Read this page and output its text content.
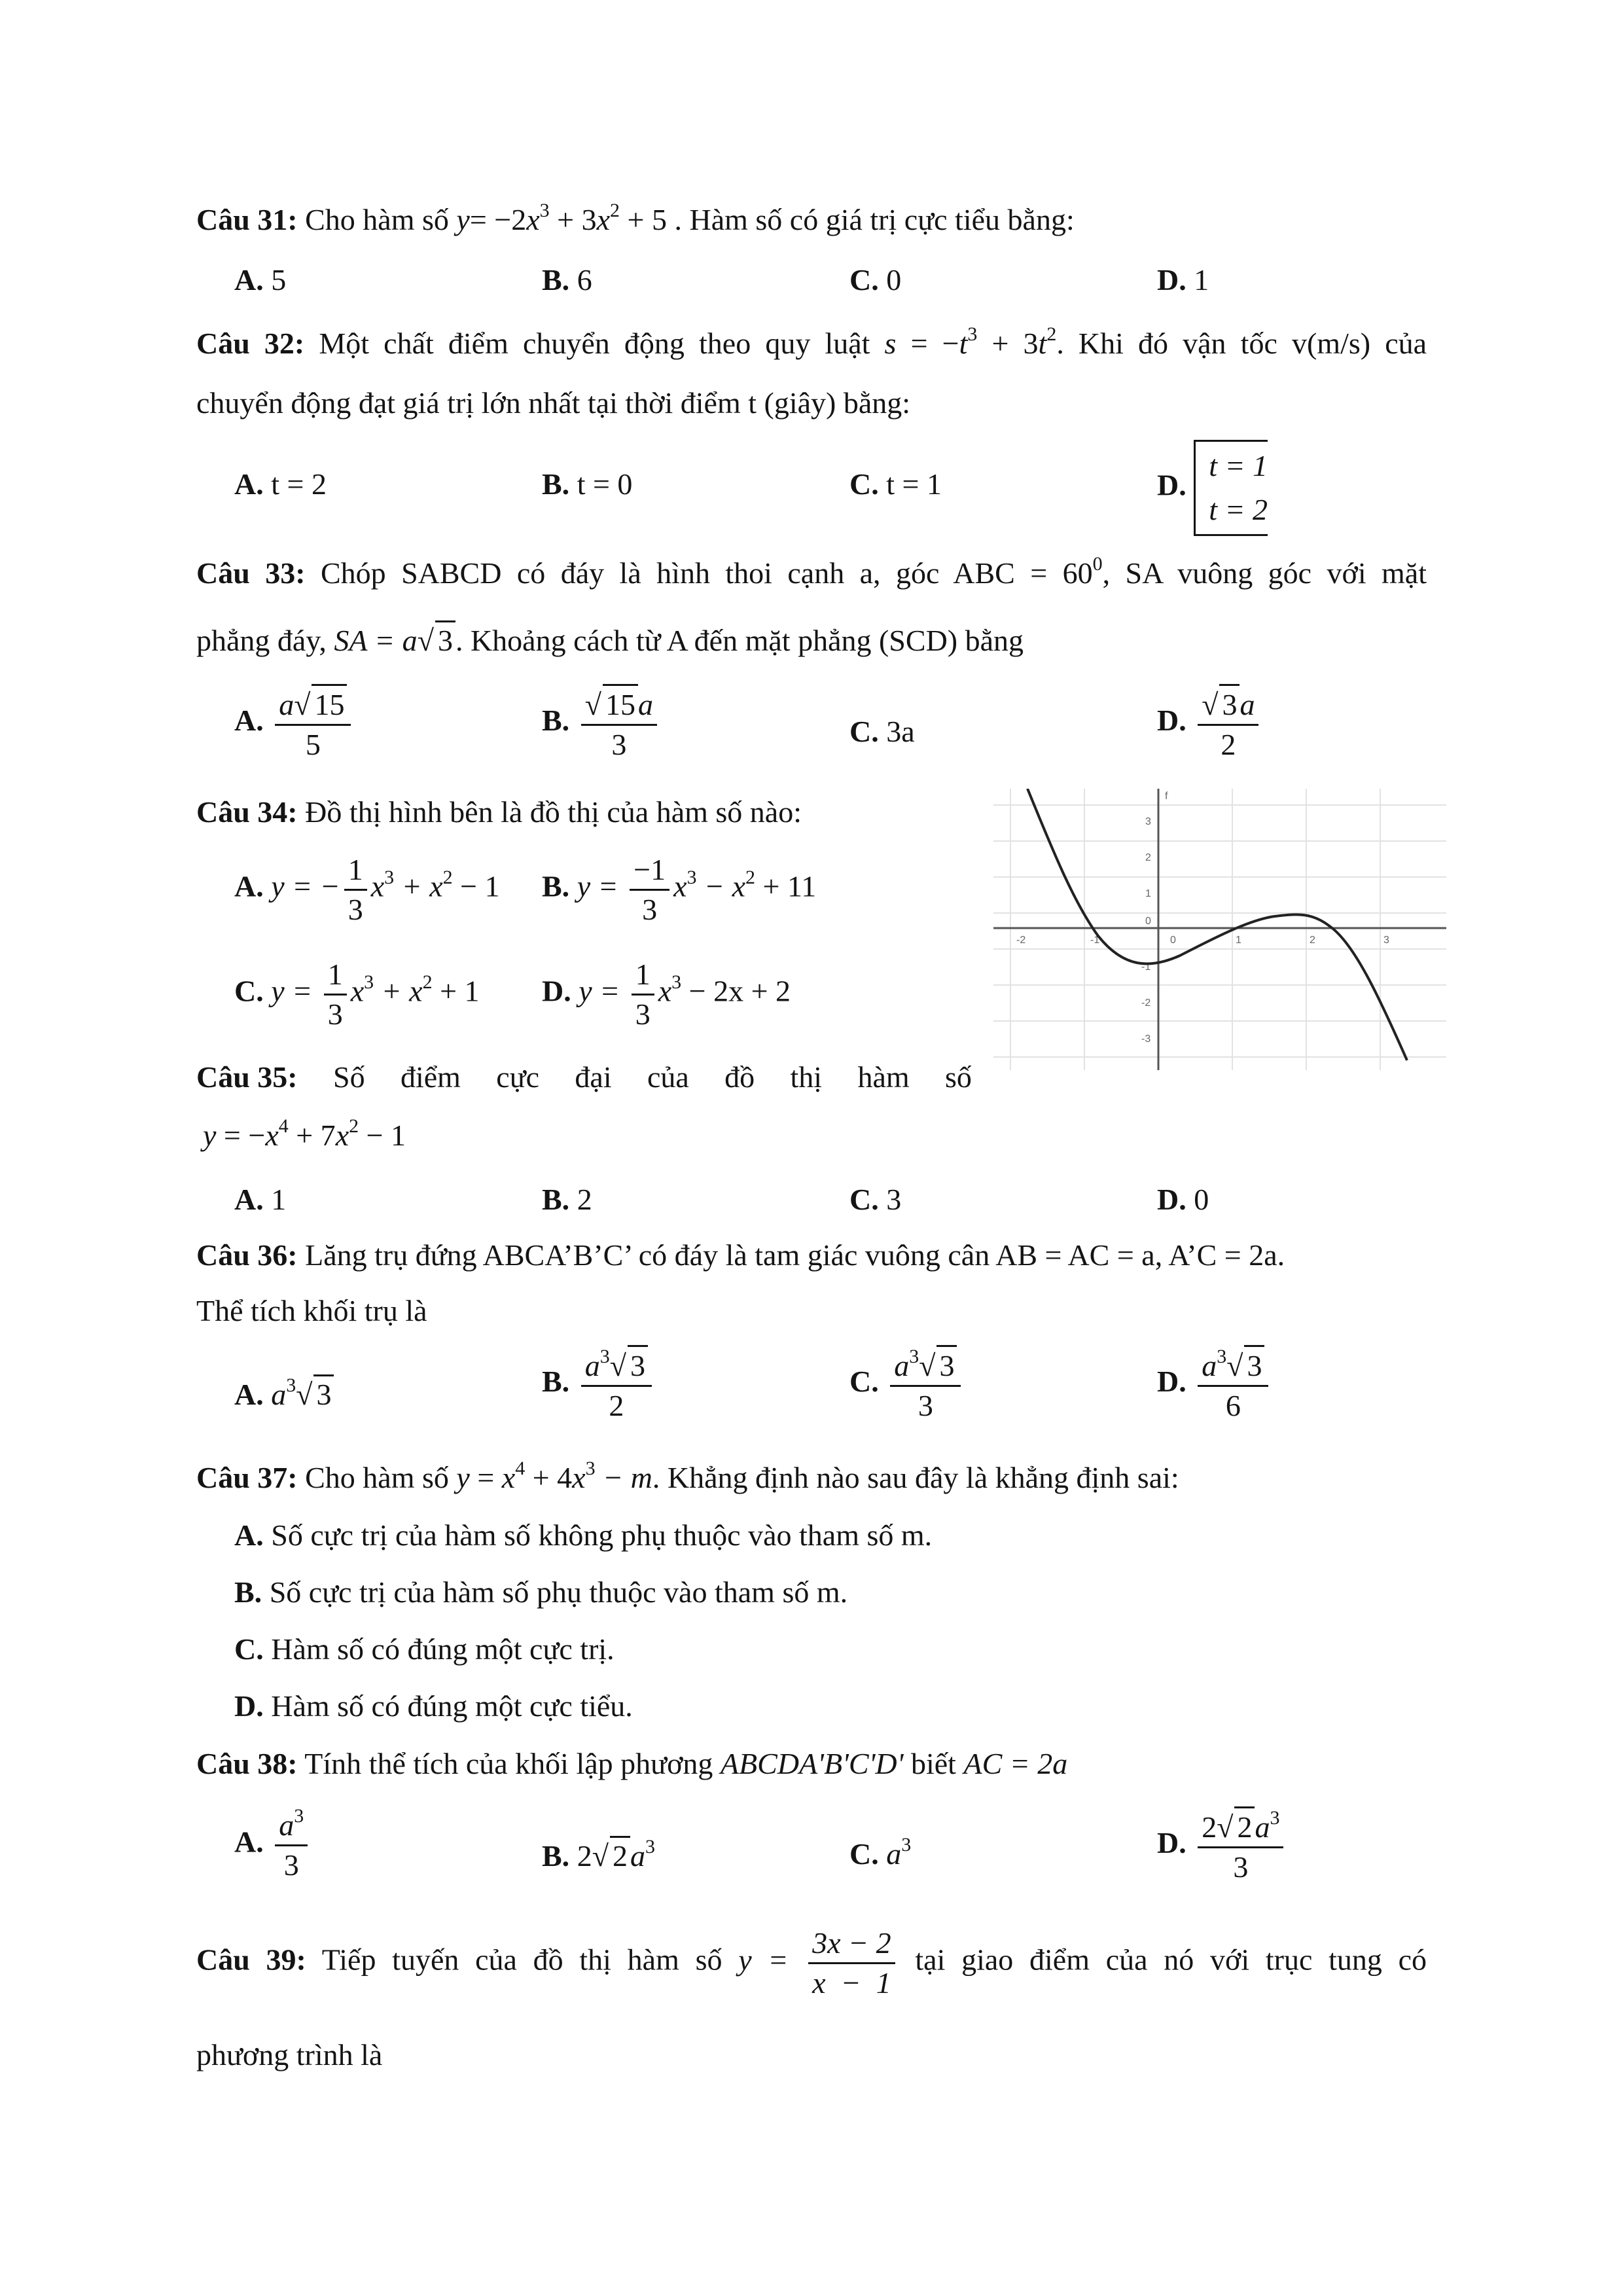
Câu 31: Cho hàm số $y= -2x^3 + 3x^2 + 5$ . Hàm số có giá trị cực tiểu bằng:
A. 5	B. 6	C. 0	D. 1
Câu 32: Một chất điểm chuyển động theo quy luật $s = -t^3 + 3t^2$. Khi đó vận tốc v(m/s) của
chuyển động đạt giá trị lớn nhất tại thời điểm t (giây) bằng:
A. t = 2	B. t = 0	C. t = 1	D.
t = 1
t = 2
Câu 33: Chóp SABCD có đáy là hình thoi cạnh a, góc ABC = $60^0$, SA vuông góc với mặt
phẳng đáy, SA = a√ 3. Khoảng cách từ A đến mặt phẳng (SCD) bằng
A. $\frac{a√ 15}{5}$	B. $\frac{√ 15a}{3}$	C. 3a	D. $\frac{√ 3a}{2}$
Câu 34: Đồ thị hình bên là đồ thị của hàm số nào:
A. y = − $\frac{1}{3} x^3 + x^2 - 1$ B. $y = \frac{-1}{3} x^3 - x^2 + 11$
C. $y = \frac{1}{3} x^3 + x^2 + 1$ D. $y = \frac{1}{3} x^3 - 2x + 2$
f
-2	-1	0	1	2	3
3
2
1
0
-1
-2
-3
Câu 35: Số điểm cực đại của đồ thị hàm số
$y = -x^4 + 7x^2 - 1$
A. 1	B. 2	C. 3	D. 0
Câu 36: Lăng trụ đứng ABCA’B’C’ có đáy là tam giác vuông cân AB = AC = a, A’C = 2a.
Thể tích khối trụ là
A. $a^3√$ 3	B. $\frac{a^3√ 3}{2}$	C. $\frac{a^3√ 3}{3}$	D. $\frac{a^3√ 3}{6}$
Câu 37: Cho hàm số $y = x^4 + 4x^3 - m$. Khẳng định nào sau đây là khẳng định sai:
A. Số cực trị của hàm số không phụ thuộc vào tham số m.
B. Số cực trị của hàm số phụ thuộc vào tham số m.
C. Hàm số có đúng một cực trị.
D. Hàm số có đúng một cực tiểu.
Câu 38: Tính thể tích của khối lập phương ABCDA'B'C'D' biết AC = 2a
A. $\frac{a^3}{3}$	B. 2√ $2a^3$	C. $a^3$	D. $\frac{2√ 2a^3}{3}$
Câu 39: Tiếp tuyến của đồ thị hàm số $y = \frac{3x - 2}{x - 1}$ tại giao điểm của nó với trục tung có
phương trình là
